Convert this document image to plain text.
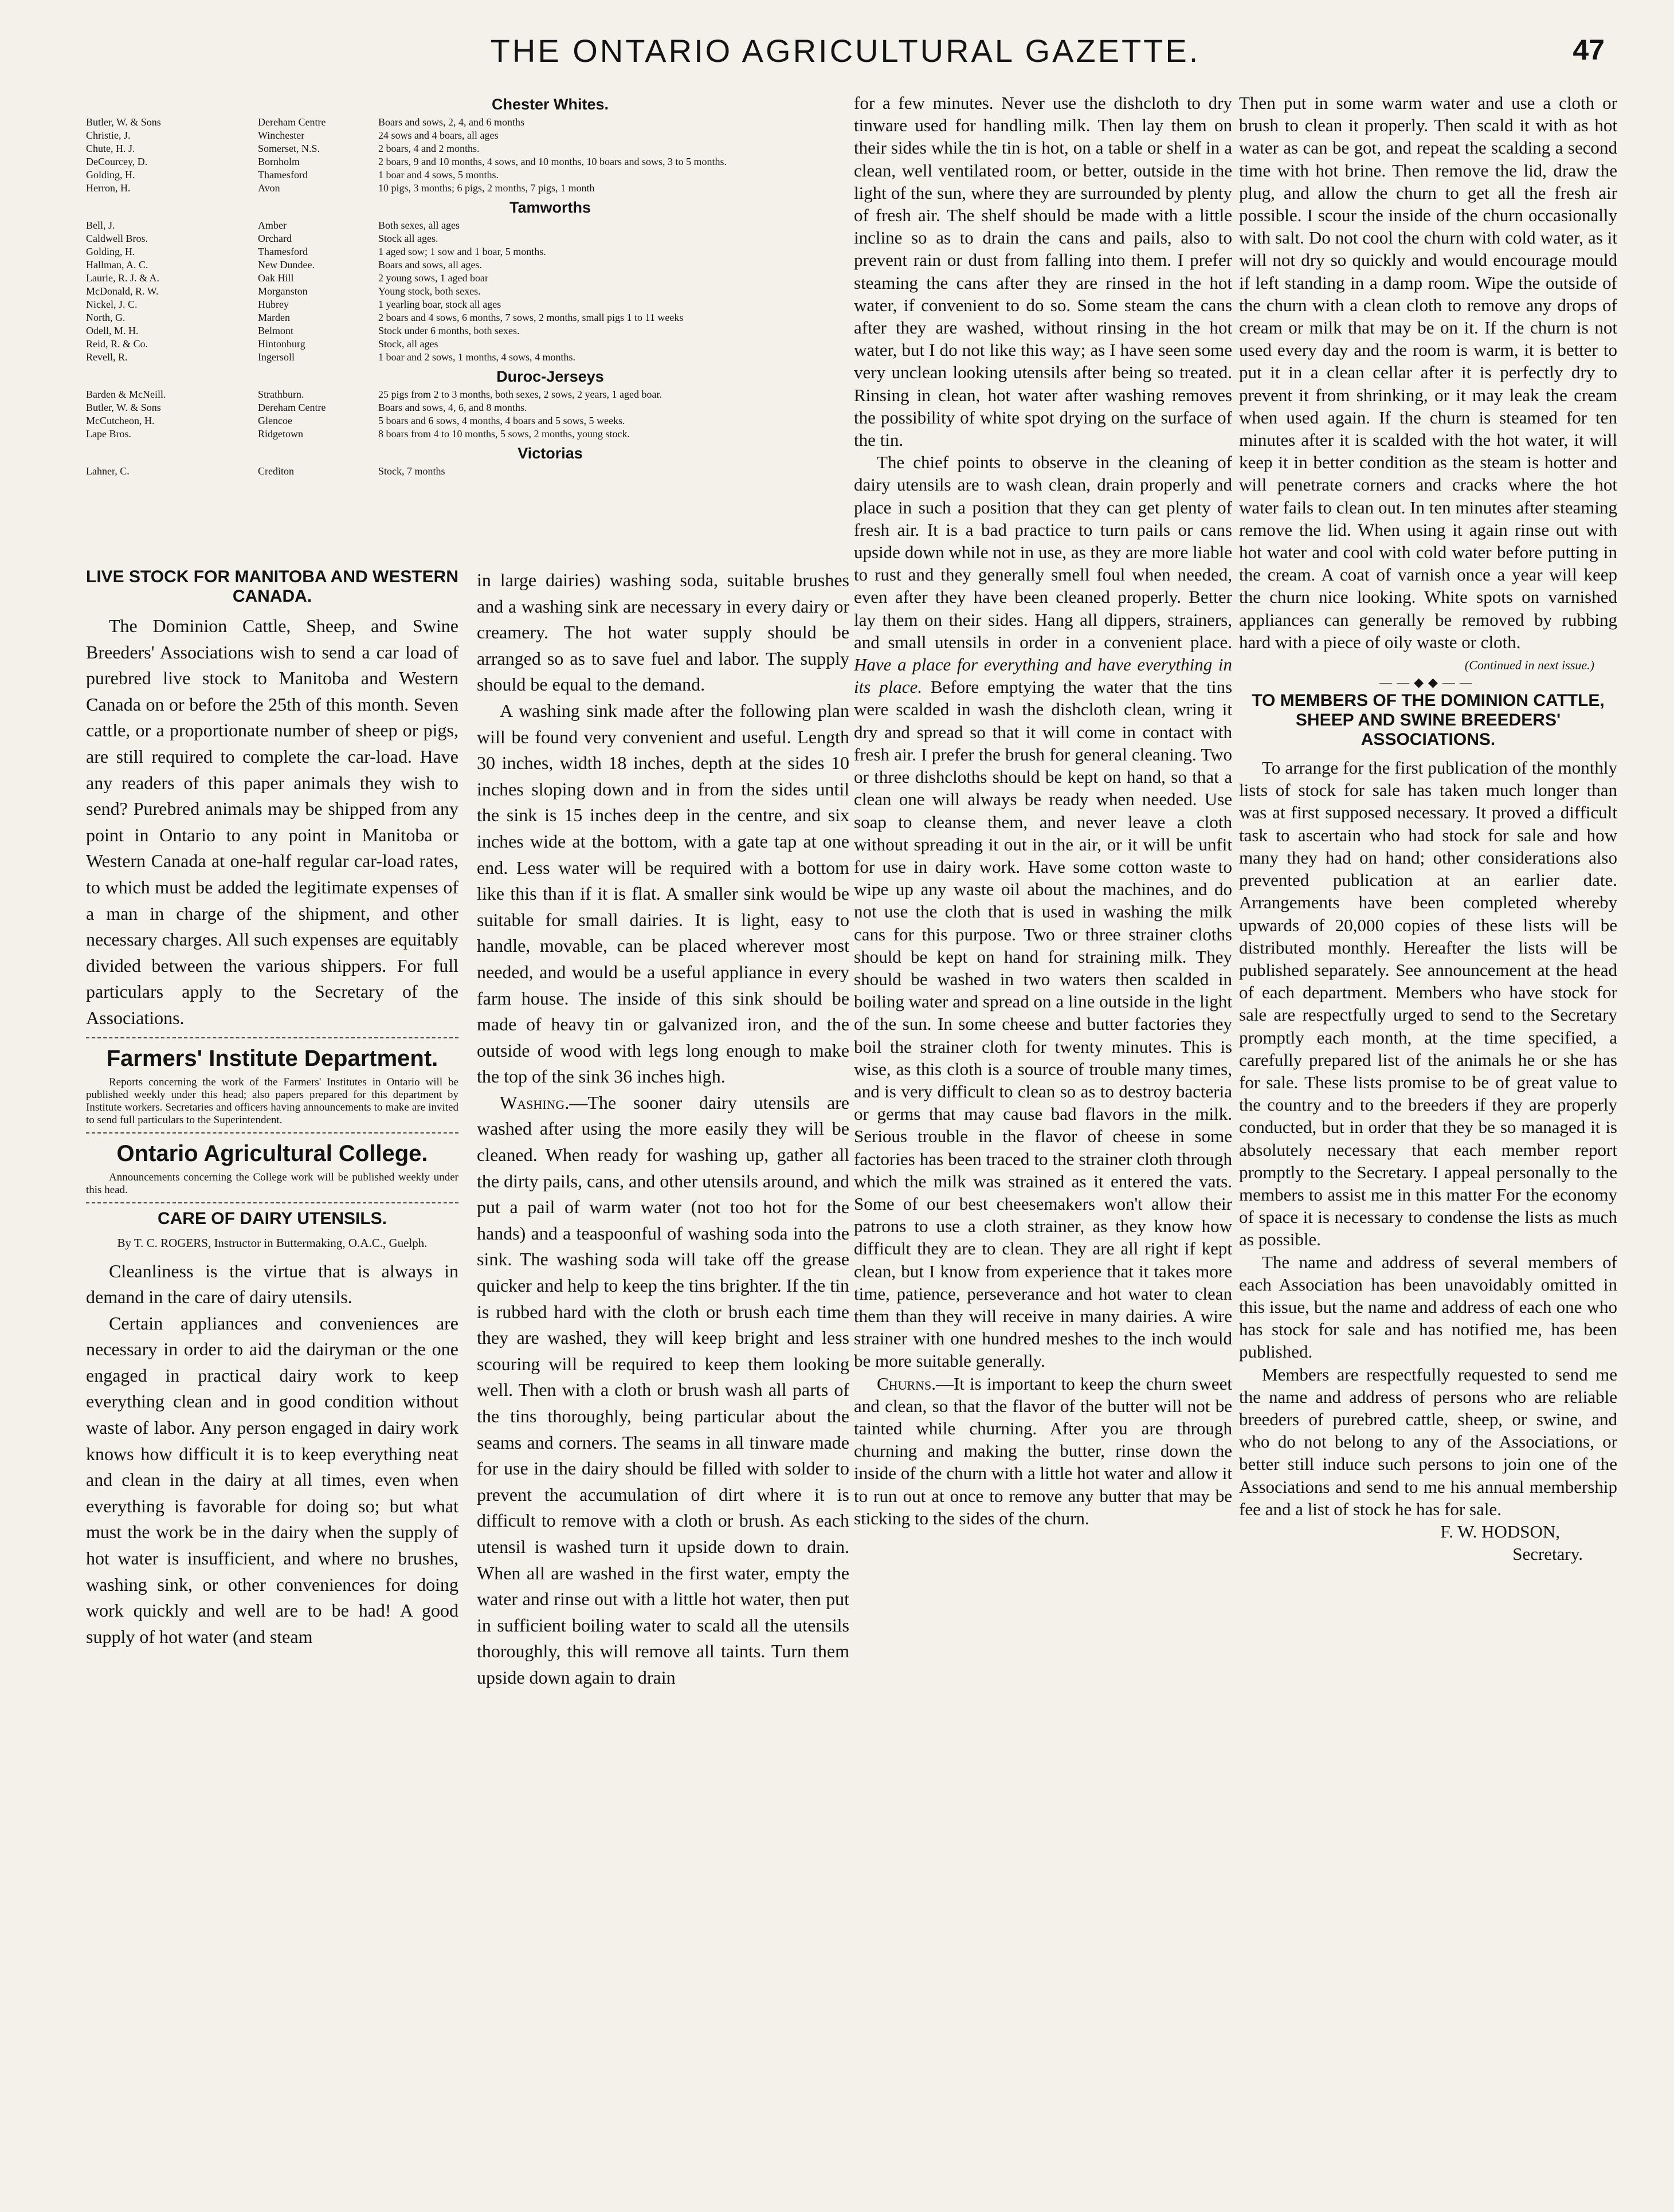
THE ONTARIO AGRICULTURAL GAZETTE.	47
Chester Whites.
Butler, W. & Sons	Dereham Centre	Boars and sows, 2, 4, and 6 months
Christie, J.	Winchester	24 sows and 4 boars, all ages
Chute, H. J.	Somerset, N.S.	2 boars, 4 and 2 months.
DeCourcey, D.	Bornholm	2 boars, 9 and 10 months, 4 sows, and 10 months, 10 boars and sows, 3 to 5 months.
Golding, H.	Thamesford	1 boar and 4 sows, 5 months.
Herron, H.	Avon	10 pigs, 3 months; 6 pigs, 2 months, 7 pigs, 1 month
Tamworths
Bell, J.	Amber	Both sexes, all ages
Caldwell Bros.	Orchard	Stock all ages.
Golding, H.	Thamesford	1 aged sow; 1 sow and 1 boar, 5 months.
Hallman, A. C.	New Dundee.	Boars and sows, all ages.
Laurie, R. J. & A.	Oak Hill	2 young sows, 1 aged boar
McDonald, R. W.	Morganston	Young stock, both sexes.
Nickel, J. C.	Hubrey	1 yearling boar, stock all ages
North, G.	Marden	2 boars and 4 sows, 6 months, 7 sows, 2 months, small pigs 1 to 11 weeks
Odell, M. H.	Belmont	Stock under 6 months, both sexes.
Reid, R. & Co.	Hintonburg	Stock, all ages
Revell, R.	Ingersoll	1 boar and 2 sows, 1 months, 4 sows, 4 months.
Duroc-Jerseys
Barden & McNeill.	Strathburn.	25 pigs from 2 to 3 months, both sexes, 2 sows, 2 years, 1 aged boar.
Butler, W. & Sons	Dereham Centre	Boars and sows, 4, 6, and 8 months.
McCutcheon, H.	Glencoe	5 boars and 6 sows, 4 months, 4 boars and 5 sows, 5 weeks.
Lape Bros.	Ridgetown	8 boars from 4 to 10 months, 5 sows, 2 months, young stock.
Victorias
Lahner, C.	Crediton	Stock, 7 months
LIVE STOCK FOR MANITOBA AND WESTERN CANADA.

The Dominion Cattle, Sheep, and Swine Breeders' Associations wish to send a car load of purebred live stock to Manitoba and Western Canada on or before the 25th of this month. Seven cattle, or a proportionate number of sheep or pigs, are still required to complete the car-load. Have any readers of this paper animals they wish to send? Purebred animals may be shipped from any point in Ontario to any point in Manitoba or Western Canada at one-half regular car-load rates, to which must be added the legitimate expenses of a man in charge of the shipment, and other necessary charges. All such expenses are equitably divided between the various shippers. For full particulars apply to the Secretary of the Associations.

Farmers' Institute Department.

Reports concerning the work of the Farmers' Institutes in Ontario will be published weekly under this head; also papers prepared for this department by Institute workers. Secretaries and officers having announcements to make are invited to send full particulars to the Superintendent.

Ontario Agricultural College.

Announcements concerning the College work will be published weekly under this head.

CARE OF DAIRY UTENSILS.
By T. C. ROGERS, Instructor in Buttermaking, O.A.C., Guelph.

Cleanliness is the virtue that is always in demand in the care of dairy utensils.

Certain appliances and conveniences are necessary in order to aid the dairyman or the one engaged in practical dairy work to keep everything clean and in good condition without waste of labor. Any person engaged in dairy work knows how difficult it is to keep everything neat and clean in the dairy at all times, even when everything is favorable for doing so; but what must the work be in the dairy when the supply of hot water is insufficient, and where no brushes, washing sink, or other conveniences for doing work quickly and well are to be had! A good supply of hot water (and steam

in large dairies) washing soda, suitable brushes and a washing sink are necessary in every dairy or creamery. The hot water supply should be arranged so as to save fuel and labor. The supply should be equal to the demand.

A washing sink made after the following plan will be found very convenient and useful. Length 30 inches, width 18 inches, depth at the sides 10 inches sloping down and in from the sides until the sink is 15 inches deep in the centre, and six inches wide at the bottom, with a gate tap at one end. Less water will be required with a bottom like this than if it is flat. A smaller sink would be suitable for small dairies. It is light, easy to handle, movable, can be placed wherever most needed, and would be a useful appliance in every farm house. The inside of this sink should be made of heavy tin or galvanized iron, and the outside of wood with legs long enough to make the top of the sink 36 inches high.

Washing.—The sooner dairy utensils are washed after using the more easily they will be cleaned. When ready for washing up, gather all the dirty pails, cans, and other utensils around, and put a pail of warm water (not too hot for the hands) and a teaspoonful of washing soda into the sink. The washing soda will take off the grease quicker and help to keep the tins brighter. If the tin is rubbed hard with the cloth or brush each time they are washed, they will keep bright and less scouring will be required to keep them looking well. Then with a cloth or brush wash all parts of the tins thoroughly, being particular about the seams and corners. The seams in all tinware made for use in the dairy should be filled with solder to prevent the accumulation of dirt where it is difficult to remove with a cloth or brush. As each utensil is washed turn it upside down to drain. When all are washed in the first water, empty the water and rinse out with a little hot water, then put in sufficient boiling water to scald all the utensils thoroughly, this will remove all taints. Turn them upside down again to drain

for a few minutes. Never use the dishcloth to dry tinware used for handling milk. Then lay them on their sides while the tin is hot, on a table or shelf in a clean, well ventilated room, or better, outside in the light of the sun, where they are surrounded by plenty of fresh air. The shelf should be made with a little incline so as to drain the cans and pails, also to prevent rain or dust from falling into them. I prefer steaming the cans after they are rinsed in the hot water, if convenient to do so. Some steam the cans after they are washed, without rinsing in the hot water, but I do not like this way; as I have seen some very unclean looking utensils after being so treated. Rinsing in clean, hot water after washing removes the possibility of white spot drying on the surface of the tin.

The chief points to observe in the cleaning of dairy utensils are to wash clean, drain properly and place in such a position that they can get plenty of fresh air. It is a bad practice to turn pails or cans upside down while not in use, as they are more liable to rust and they generally smell foul when needed, even after they have been cleaned properly. Better lay them on their sides. Hang all dippers, strainers, and small utensils in order in a convenient place. Have a place for everything and have everything in its place. Before emptying the water that the tins were scalded in wash the dishcloth clean, wring it dry and spread so that it will come in contact with fresh air. I prefer the brush for general cleaning. Two or three dishcloths should be kept on hand, so that a clean one will always be ready when needed. Use soap to cleanse them, and never leave a cloth without spreading it out in the air, or it will be unfit for use in dairy work. Have some cotton waste to wipe up any waste oil about the machines, and do not use the cloth that is used in washing the milk cans for this purpose. Two or three strainer cloths should be kept on hand for straining milk. They should be washed in two waters then scalded in boiling water and spread on a line outside in the light of the sun. In some cheese and butter factories they boil the strainer cloth for twenty minutes. This is wise, as this cloth is a source of trouble many times, and is very difficult to clean so as to destroy bacteria or germs that may cause bad flavors in the milk. Serious trouble in the flavor of cheese in some factories has been traced to the strainer cloth through which the milk was strained as it entered the vats. Some of our best cheesemakers won't allow their patrons to use a cloth strainer, as they know how difficult they are to clean. They are all right if kept clean, but I know from experience that it takes more time, patience, perseverance and hot water to clean them than they will receive in many dairies. A wire strainer with one hundred meshes to the inch would be more suitable generally.

Churns.—It is important to keep the churn sweet and clean, so that the flavor of the butter will not be tainted while churning. After you are through churning and making the butter, rinse down the inside of the churn with a little hot water and allow it to run out at once to remove any butter that may be sticking to the sides of the churn.

Then put in some warm water and use a cloth or brush to clean it properly. Then scald it with as hot water as can be got, and repeat the scalding a second time with hot brine. Then remove the lid, draw the plug, and allow the churn to get all the fresh air possible. I scour the inside of the churn occasionally with salt. Do not cool the churn with cold water, as it will not dry so quickly and would encourage mould if left standing in a damp room. Wipe the outside of the churn with a clean cloth to remove any drops of cream or milk that may be on it. If the churn is not used every day and the room is warm, it is better to put it in a clean cellar after it is perfectly dry to prevent it from shrinking, or it may leak the cream when used again. If the churn is steamed for ten minutes after it is scalded with the hot water, it will keep it in better condition as the steam is hotter and will penetrate corners and cracks where the hot water fails to clean out. In ten minutes after steaming remove the lid. When using it again rinse out with hot water and cool with cold water before putting in the cream. A coat of varnish once a year will keep the churn nice looking. White spots on varnished appliances can generally be removed by rubbing hard with a piece of oily waste or cloth.

(Continued in next issue.)
——◆◆——
TO MEMBERS OF THE DOMINION CATTLE, SHEEP AND SWINE BREEDERS' ASSOCIATIONS.

To arrange for the first publication of the monthly lists of stock for sale has taken much longer than was at first supposed necessary. It proved a difficult task to ascertain who had stock for sale and how many they had on hand; other considerations also prevented publication at an earlier date. Arrangements have been completed whereby upwards of 20,000 copies of these lists will be distributed monthly. Hereafter the lists will be published separately. See announcement at the head of each department. Members who have stock for sale are respectfully urged to send to the Secretary promptly each month, at the time specified, a carefully prepared list of the animals he or she has for sale. These lists promise to be of great value to the country and to the breeders if they are properly conducted, but in order that they be so managed it is absolutely necessary that each member report promptly to the Secretary. I appeal personally to the members to assist me in this matter For the economy of space it is necessary to condense the lists as much as possible.

The name and address of several members of each Association has been unavoidably omitted in this issue, but the name and address of each one who has stock for sale and has notified me, has been published.

Members are respectfully requested to send me the name and address of persons who are reliable breeders of purebred cattle, sheep, or swine, and who do not belong to any of the Associations, or better still induce such persons to join one of the Associations and send to me his annual membership fee and a list of stock he has for sale.

F. W. HODSON,
Secretary.
